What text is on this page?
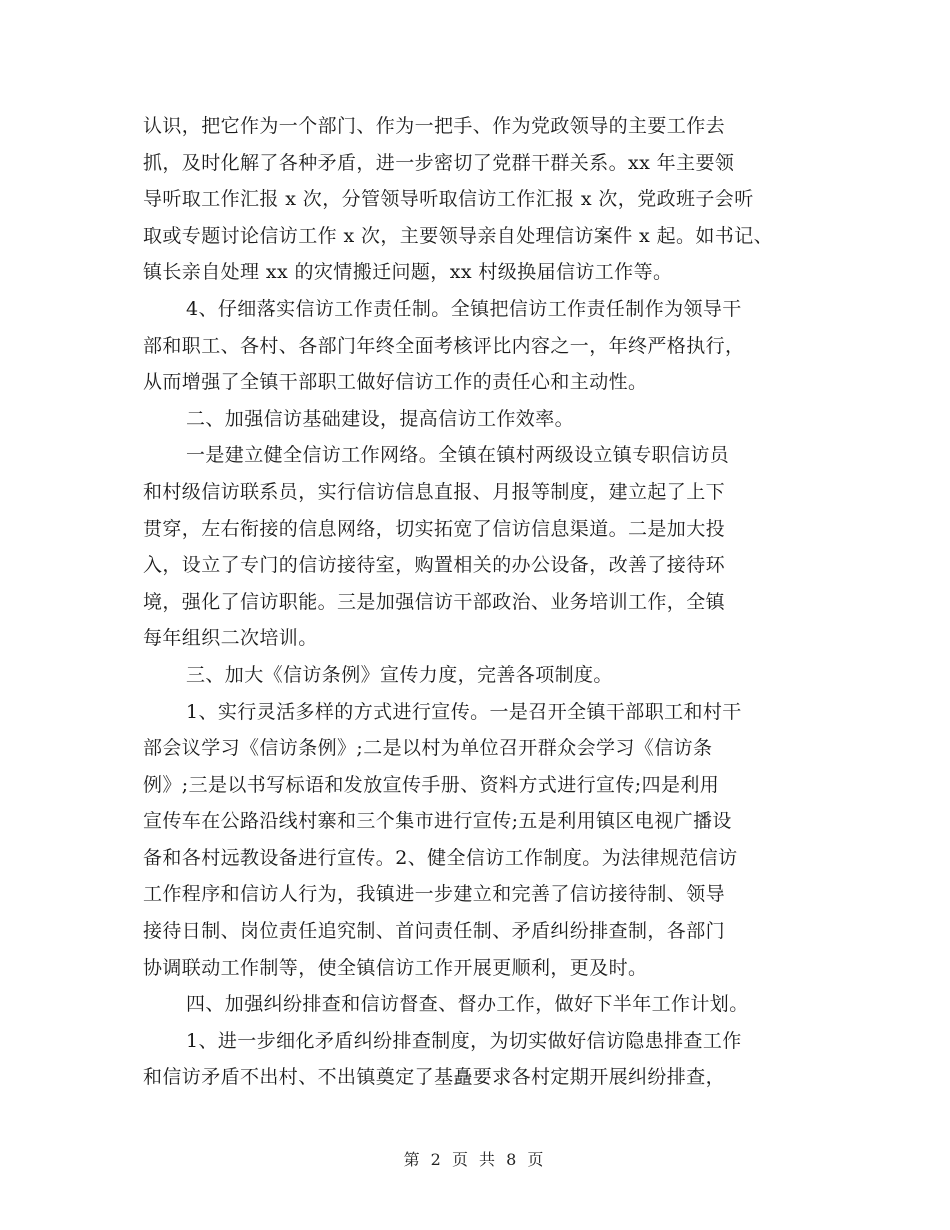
认识，把它作为一个部门、作为一把手、作为党政领导的主要工作去
抓，及时化解了各种矛盾，进一步密切了党群干群关系。xx 年主要领
导听取工作汇报 x 次，分管领导听取信访工作汇报 x 次，党政班子会听
取或专题讨论信访工作 x 次，主要领导亲自处理信访案件 x 起。如书记、
镇长亲自处理 xx 的灾情搬迁问题，xx 村级换届信访工作等。
4、仔细落实信访工作责任制。全镇把信访工作责任制作为领导干
部和职工、各村、各部门年终全面考核评比内容之一，年终严格执行，
从而增强了全镇干部职工做好信访工作的责任心和主动性。
二、加强信访基础建设，提高信访工作效率。
一是建立健全信访工作网络。全镇在镇村两级设立镇专职信访员
和村级信访联系员，实行信访信息直报、月报等制度，建立起了上下
贯穿，左右衔接的信息网络，切实拓宽了信访信息渠道。二是加大投
入，设立了专门的信访接待室，购置相关的办公设备，改善了接待环
境，强化了信访职能。三是加强信访干部政治、业务培训工作，全镇
每年组织二次培训。
三、加大《信访条例》宣传力度，完善各项制度。
1、实行灵活多样的方式进行宣传。一是召开全镇干部职工和村干
部会议学习《信访条例》;二是以村为单位召开群众会学习《信访条
例》;三是以书写标语和发放宣传手册、资料方式进行宣传;四是利用
宣传车在公路沿线村寨和三个集市进行宣传;五是利用镇区电视广播设
备和各村远教设备进行宣传。2、健全信访工作制度。为法律规范信访
工作程序和信访人行为，我镇进一步建立和完善了信访接待制、领导
接待日制、岗位责任追究制、首问责任制、矛盾纠纷排查制，各部门
协调联动工作制等，使全镇信访工作开展更顺利，更及时。
四、加强纠纷排查和信访督查、督办工作，做好下半年工作计划。
1、进一步细化矛盾纠纷排查制度，为切实做好信访隐患排查工作
和信访矛盾不出村、不出镇奠定了基矗要求各村定期开展纠纷排查，
第 2 页 共 8 页
